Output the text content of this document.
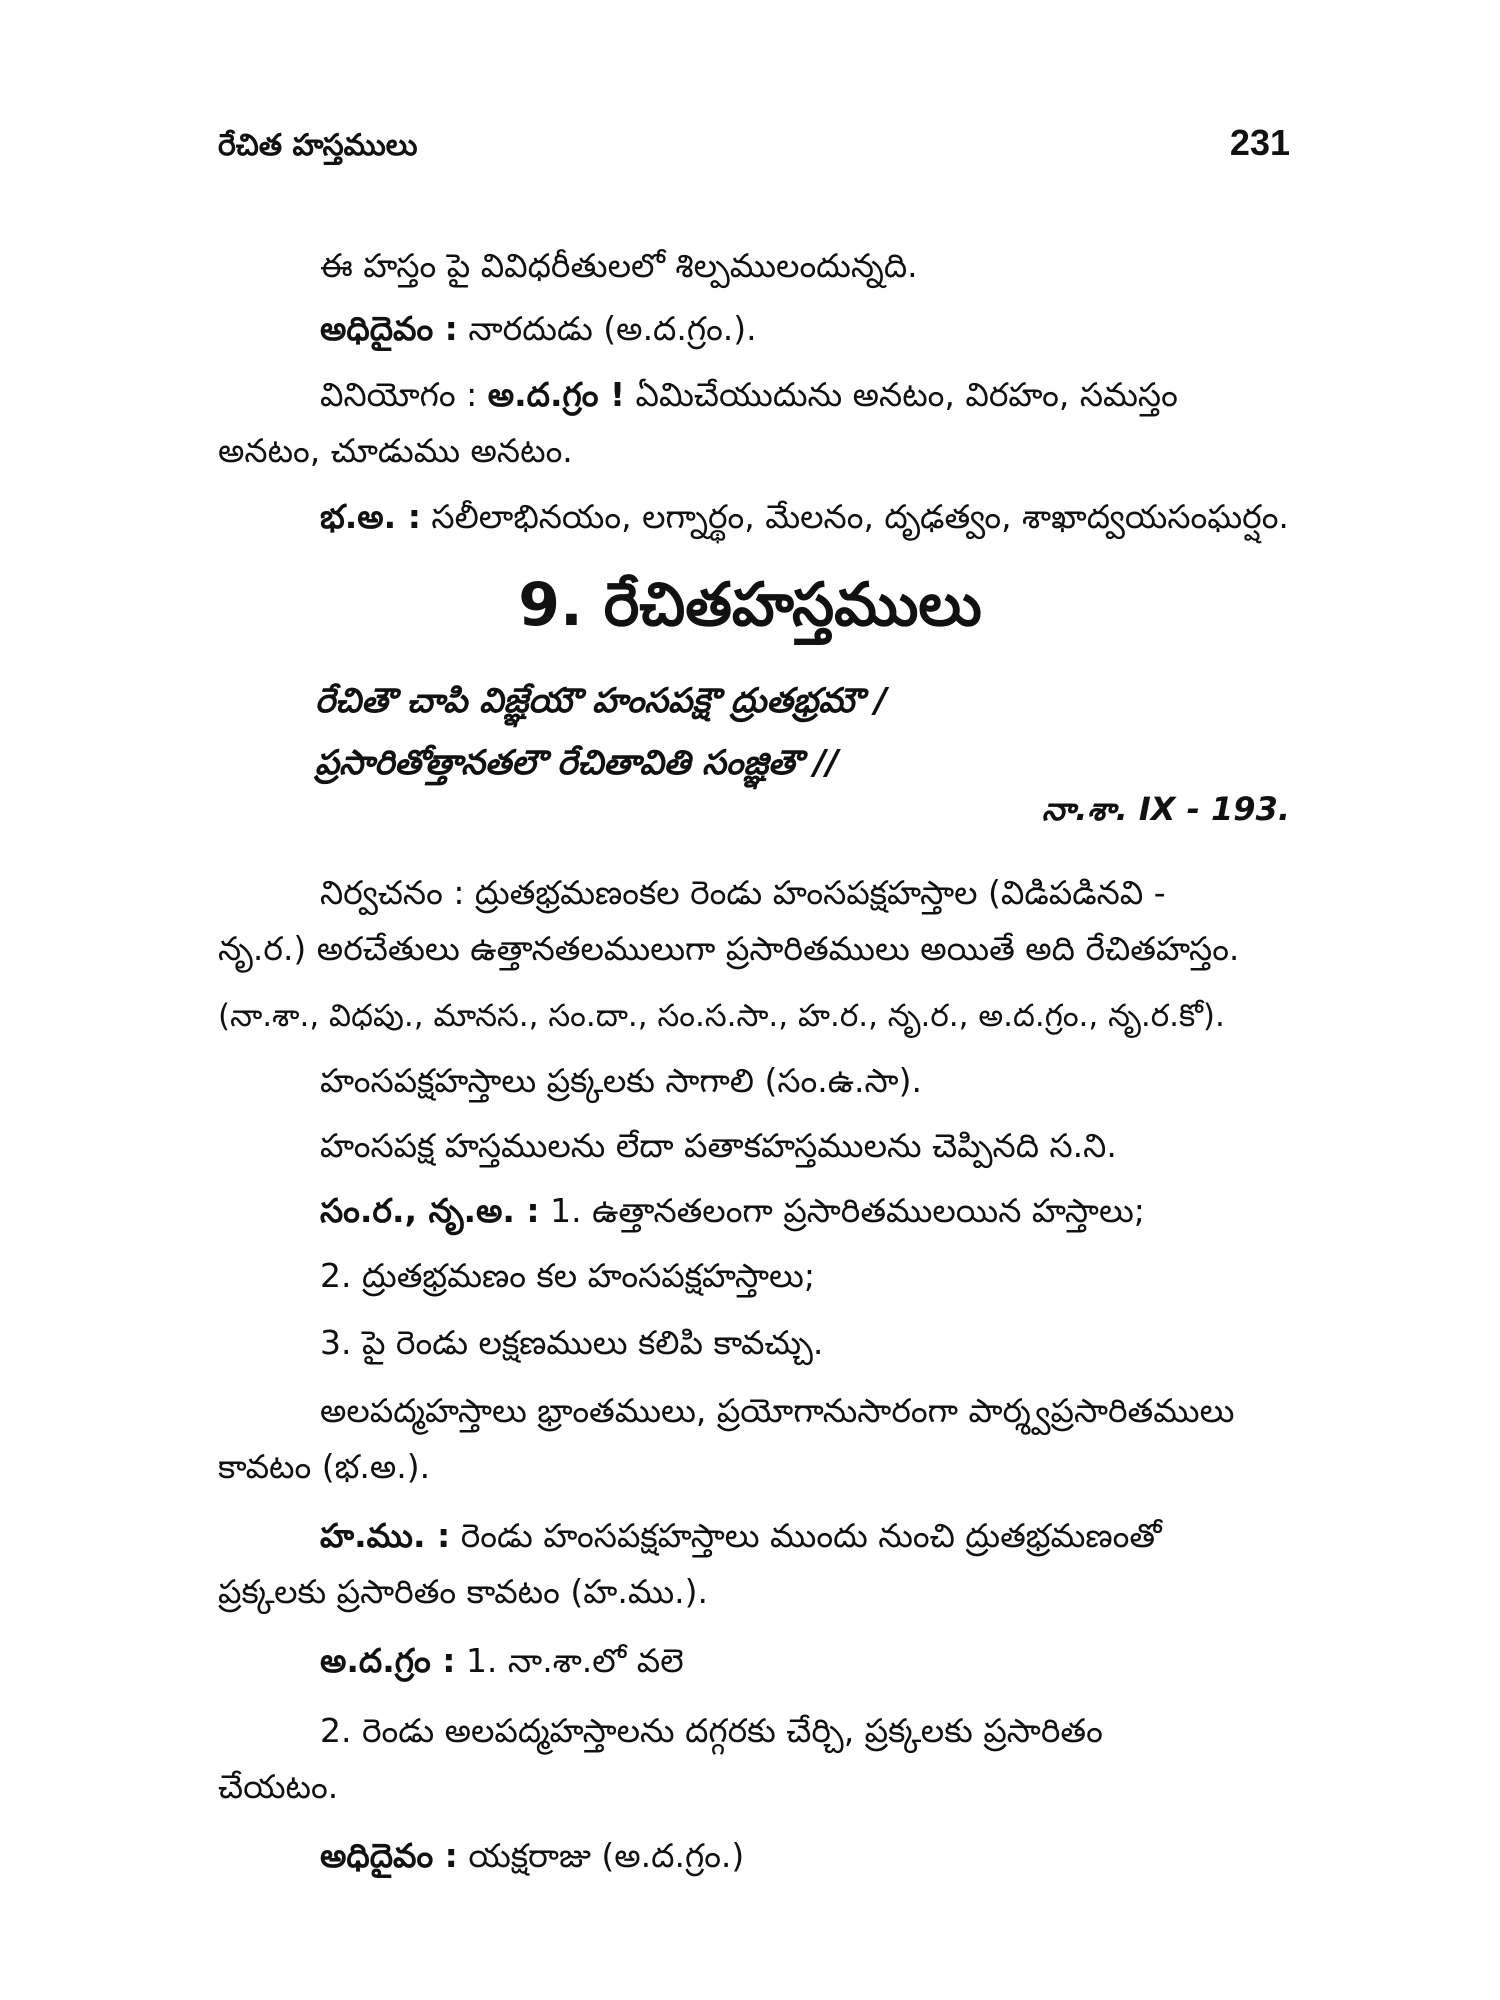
రేచిత హస్తములు	231
ఈ హస్తం పై వివిధరీతులలో శిల్పములందున్నది.
అధిదైవం : నారదుడు (అ.ద.గ్రం.).
వినియోగం : అ.ద.గ్రం ! ఏమిచేయుదును అనటం, విరహం, సమస్తం
అనటం, చూడుము అనటం.
భ.అ. : సలీలాభినయం, లగ్నార్థం, మేలనం, దృఢత్వం, శాఖాద్వయసంఘర్షం.
9. రేచితహస్తములు
రేచితౌ చాపి విజ్ఞేయౌ హంసపక్షౌ ద్రుతభ్రమౌ /
ప్రసారితోత్తానతలౌ రేచితావితి సంజ్ఞితౌ //
నా.శా. IX - 193.
నిర్వచనం : ద్రుతభ్రమణంకల రెండు హంసపక్షహస్తాల (విడిపడినవి -
నృ.ర.) అరచేతులు ఉత్తానతలములుగా ప్రసారితములు అయితే అది రేచితహస్తం.
(నా.శా., విధపు., మానస., సం.దా., సం.స.సా., హ.ర., నృ.ర., అ.ద.గ్రం., నృ.ర.కో).
హంసపక్షహస్తాలు ప్రక్కలకు సాగాలి (సం.ఉ.సా).
హంసపక్ష హస్తములను లేదా పతాకహస్తములను చెప్పినది స.ని.
సం.ర., నృ.అ. : 1. ఉత్తానతలంగా ప్రసారితములయిన హస్తాలు;
2. ద్రుతభ్రమణం కల హంసపక్షహస్తాలు;
3. పై రెండు లక్షణములు కలిపి కావచ్చు.
అలపద్మహస్తాలు భ్రాంతములు, ప్రయోగానుసారంగా పార్శ్వప్రసారితములు
కావటం (భ.అ.).
హ.ము. : రెండు హంసపక్షహస్తాలు ముందు నుంచి ద్రుతభ్రమణంతో
ప్రక్కలకు ప్రసారితం కావటం (హ.ము.).
అ.ద.గ్రం : 1. నా.శా.లో వలె
2. రెండు అలపద్మహస్తాలను దగ్గరకు చేర్చి, ప్రక్కలకు ప్రసారితం
చేయటం.
అధిదైవం : యక్షరాజు (అ.ద.గ్రం.)
